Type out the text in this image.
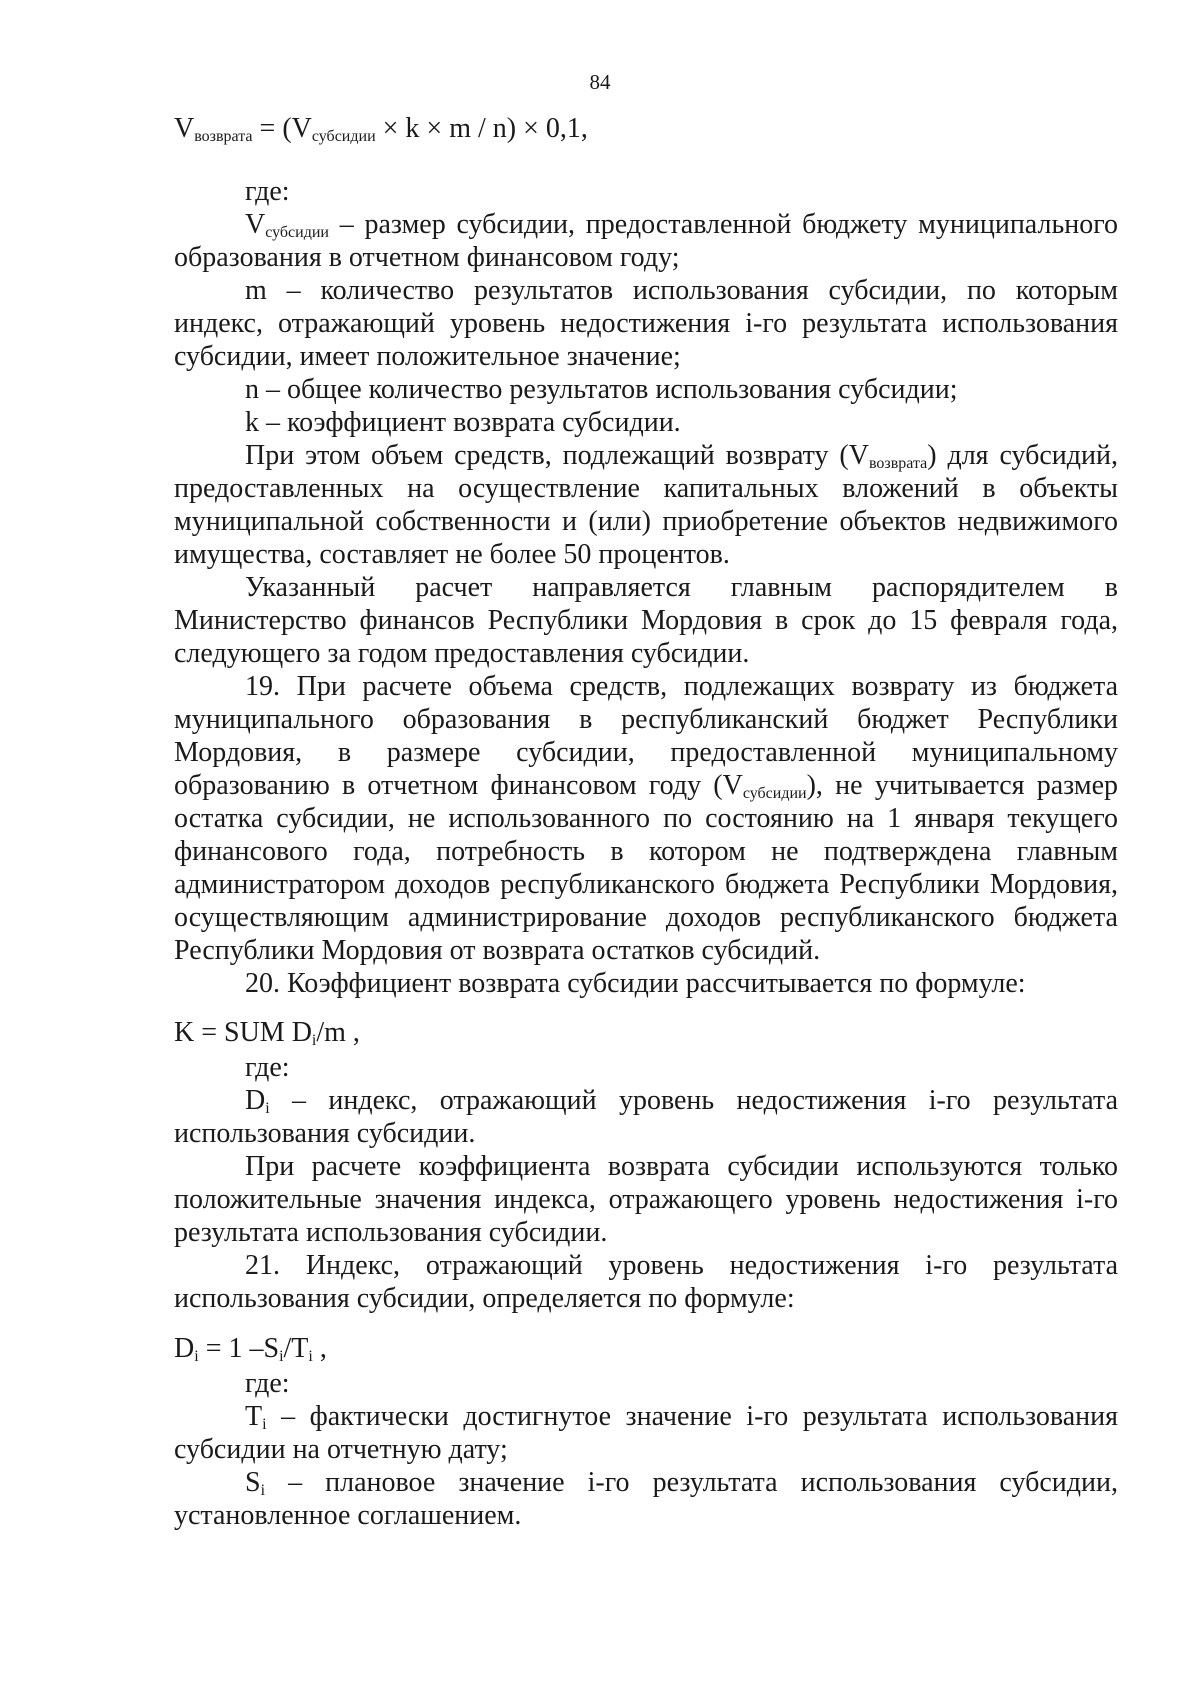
84

$V_{возврата} = (V_{субсидии} \times k \times m / n) \times 0,1$,

где:

$V_{субсидии}$ – размер субсидии, предоставленной бюджету муниципального образования в отчетном финансовом году;

m – количество результатов использования субсидии, по которым индекс, отражающий уровень недостижения i-го результата использования субсидии, имеет положительное значение;

n – общее количество результатов использования субсидии;

k – коэффициент возврата субсидии.

При этом объем средств, подлежащий возврату $(V_{возврата})$ для субсидий, предоставленных на осуществление капитальных вложений в объекты муниципальной собственности и (или) приобретение объектов недвижимого имущества, составляет не более 50 процентов.

Указанный расчет направляется главным распорядителем в Министерство финансов Республики Мордовия в срок до 15 февраля года, следующего за годом предоставления субсидии.

19. При расчете объема средств, подлежащих возврату из бюджета муниципального образования в республиканский бюджет Республики Мордовия, в размере субсидии, предоставленной муниципальному образованию в отчетном финансовом году $(V_{субсидии})$, не учитывается размер остатка субсидии, не использованного по состоянию на 1 января текущего финансового года, потребность в котором не подтверждена главным администратором доходов республиканского бюджета Республики Мордовия, осуществляющим администрирование доходов республиканского бюджета Республики Мордовия от возврата остатков субсидий.

20. Коэффициент возврата субсидии рассчитывается по формуле:

K = SUM $D_i/m$ ,

где:

$D_i$ – индекс, отражающий уровень недостижения i-го результата использования субсидии.

При расчете коэффициента возврата субсидии используются только положительные значения индекса, отражающего уровень недостижения i-го результата использования субсидии.

21. Индекс, отражающий уровень недостижения i-го результата использования субсидии, определяется по формуле:

$D_i = 1$ $-S_i/T_i$ ,

где:

$T_i$ – фактически достигнутое значение i-го результата использования субсидии на отчетную дату;

$S_i$ – плановое значение i-го результата использования субсидии, установленное соглашением.
